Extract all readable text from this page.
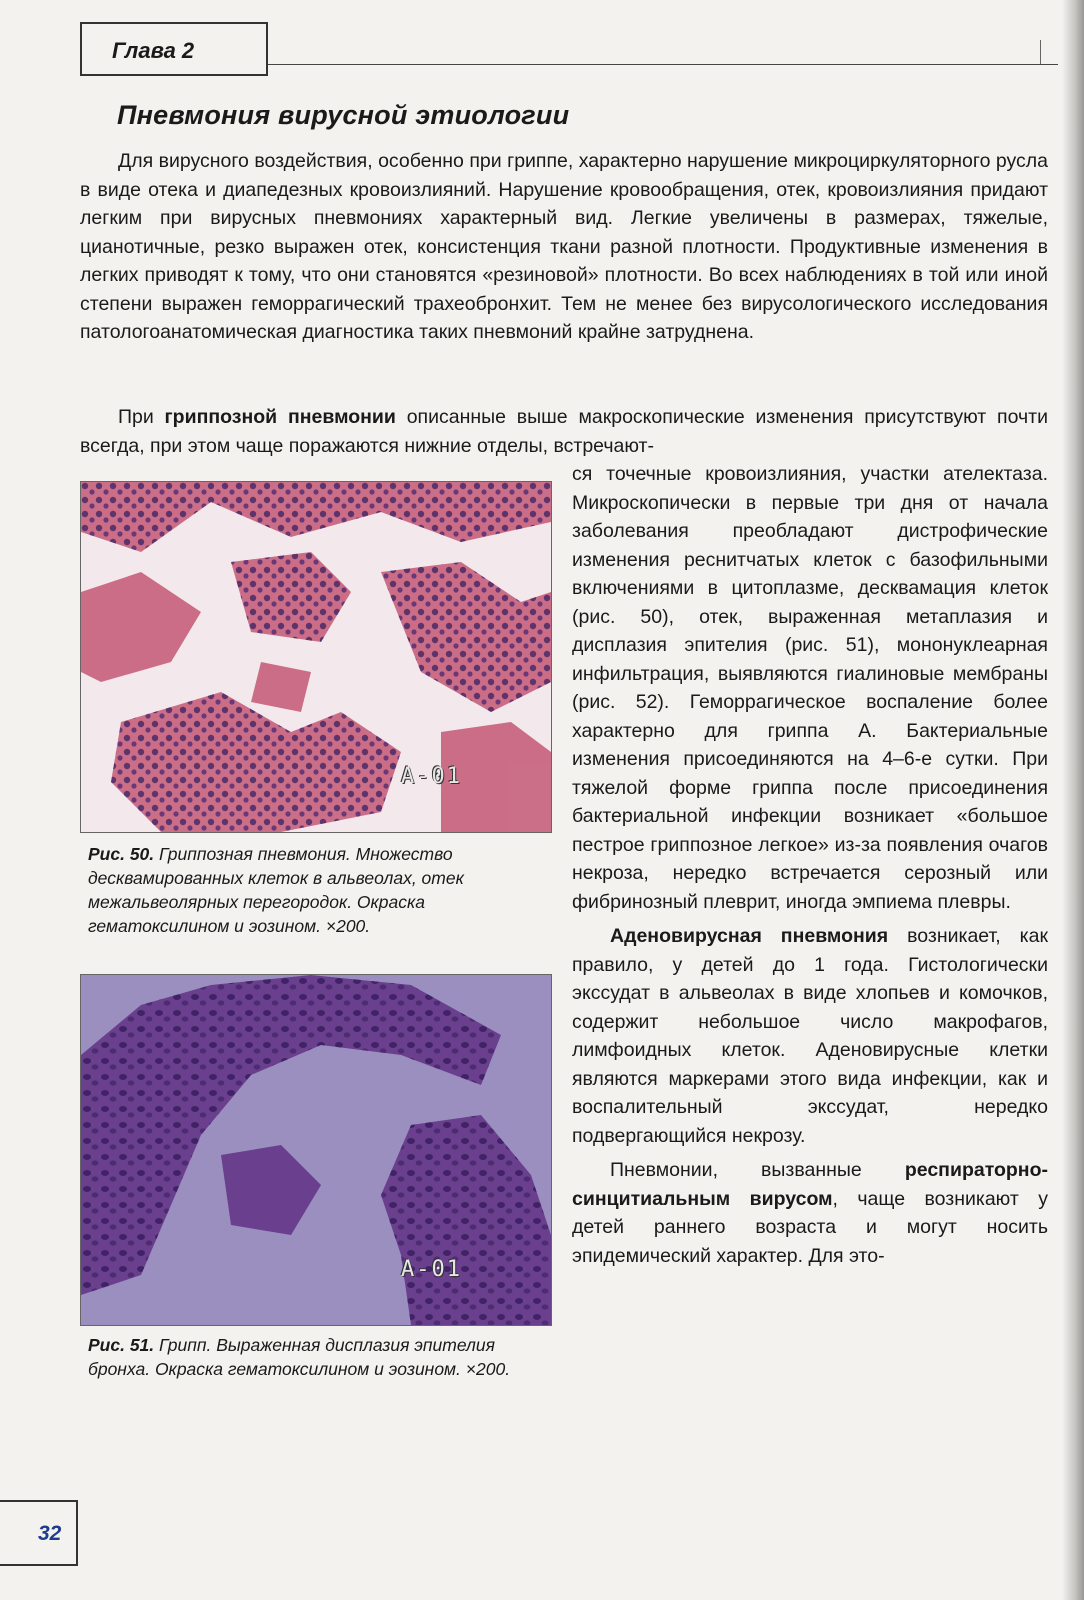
Глава 2
Пневмония вирусной этиологии
Для вирусного воздействия, особенно при гриппе, характерно нарушение микроциркуляторного русла в виде отека и диапедезных кровоизлияний. Нарушение кровообращения, отек, кровоизлияния придают легким при вирусных пневмониях характерный вид. Легкие увеличены в размерах, тяжелые, цианотичные, резко выражен отек, консистенция ткани разной плотности. Продуктивные изменения в легких приводят к тому, что они становятся «резиновой» плотности. Во всех наблюдениях в той или иной степени выражен геморрагический трахеобронхит. Тем не менее без вирусологического исследования патологоанатомическая диагностика таких пневмоний крайне затруднена.
При гриппозной пневмонии описанные выше макроскопические изменения присутствуют почти всегда, при этом чаще поражаются нижние отделы, встречают-

ся точечные кровоизлияния, участки ателектаза. Микроскопически в первые три дня от начала заболевания преобладают дистрофические изменения реснитчатых клеток с базофильными включениями в цитоплазме, десквамация клеток (рис. 50), отек, выраженная метаплазия и дисплазия эпителия (рис. 51), мононуклеарная инфильтрация, выявляются гиалиновые мембраны (рис. 52). Геморрагическое воспаление более характерно для гриппа А. Бактериальные изменения присоединяются на 4–6-е сутки. При тяжелой форме гриппа после присоединения бактериальной инфекции возникает «большое пестрое гриппозное легкое» из-за появления очагов некроза, нередко встречается серозный или фибринозный плеврит, иногда эмпиема плевры.

Аденовирусная пневмония возникает, как правило, у детей до 1 года. Гистологически экссудат в альвеолах в виде хлопьев и комочков, содержит небольшое число макрофагов, лимфоидных клеток. Аденовирусные клетки являются маркерами этого вида инфекции, как и воспалительный экссудат, нередко подвергающийся некрозу.

Пневмонии, вызванные респираторно-синцитиальным вирусом, чаще возникают у детей раннего возраста и могут носить эпидемический характер. Для это-

A-01
Рис. 50. Гриппозная пневмония. Множество десквамированных клеток в альвеолах, отек межальвеолярных перегородок. Окраска гематоксилином и эозином. ×200.
A-01
Рис. 51. Грипп. Выраженная дисплазия эпителия бронха. Окраска гематоксилином и эозином. ×200.
32
